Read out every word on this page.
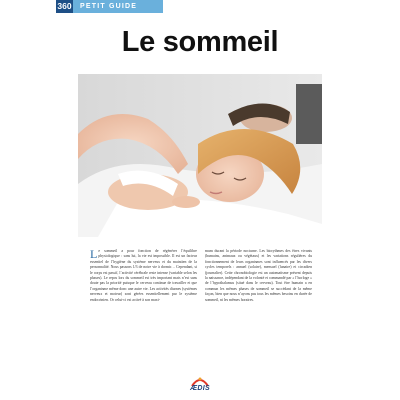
360 PETIT GUIDE
Le sommeil

Le sommeil a pour fonction de régénérer l’équilibre physiologique : sans lui, la vie est impossible. Il est un facteur essentiel de l’hygiène du système nerveux et du maintien de la personnalité. Nous passons 1/3 de notre vie à dormir… Cependant, si le corps est passif, l’activité cérébrale reste intense (variable selon les phases). Le repos lors du sommeil est très important mais n’est sans doute pas la priorité puisque le cerveau continue de travailler et que l’organisme même donc une autre vie. Les activités diurnes (systèmes nerveux et moteur) sont gérées essentiellement par le système endocrinien. Or celui-ci est activé à son maxi-

mum durant la période nocturne. Les biorythmes des êtres vivants (humains, animaux ou végétaux) et les variations régulières du fonctionnement de leurs organismes sont influencés par les divers cycles temporels : annuel (solaire), mensuel (lunaire) et circadien (journalier). Cette chronobiologie est un automatisme présent depuis la naissance, indépendant de la volonté et commandé par « l’horloge » de l’hypothalamus (situé dans le cerveau). Tout être humain a en commun les mêmes phases de sommeil se succédant de la même façon, bien que nous n’ayons pas tous les mêmes besoins en durée de sommeil, ni les mêmes horaires.

ÆDIS
